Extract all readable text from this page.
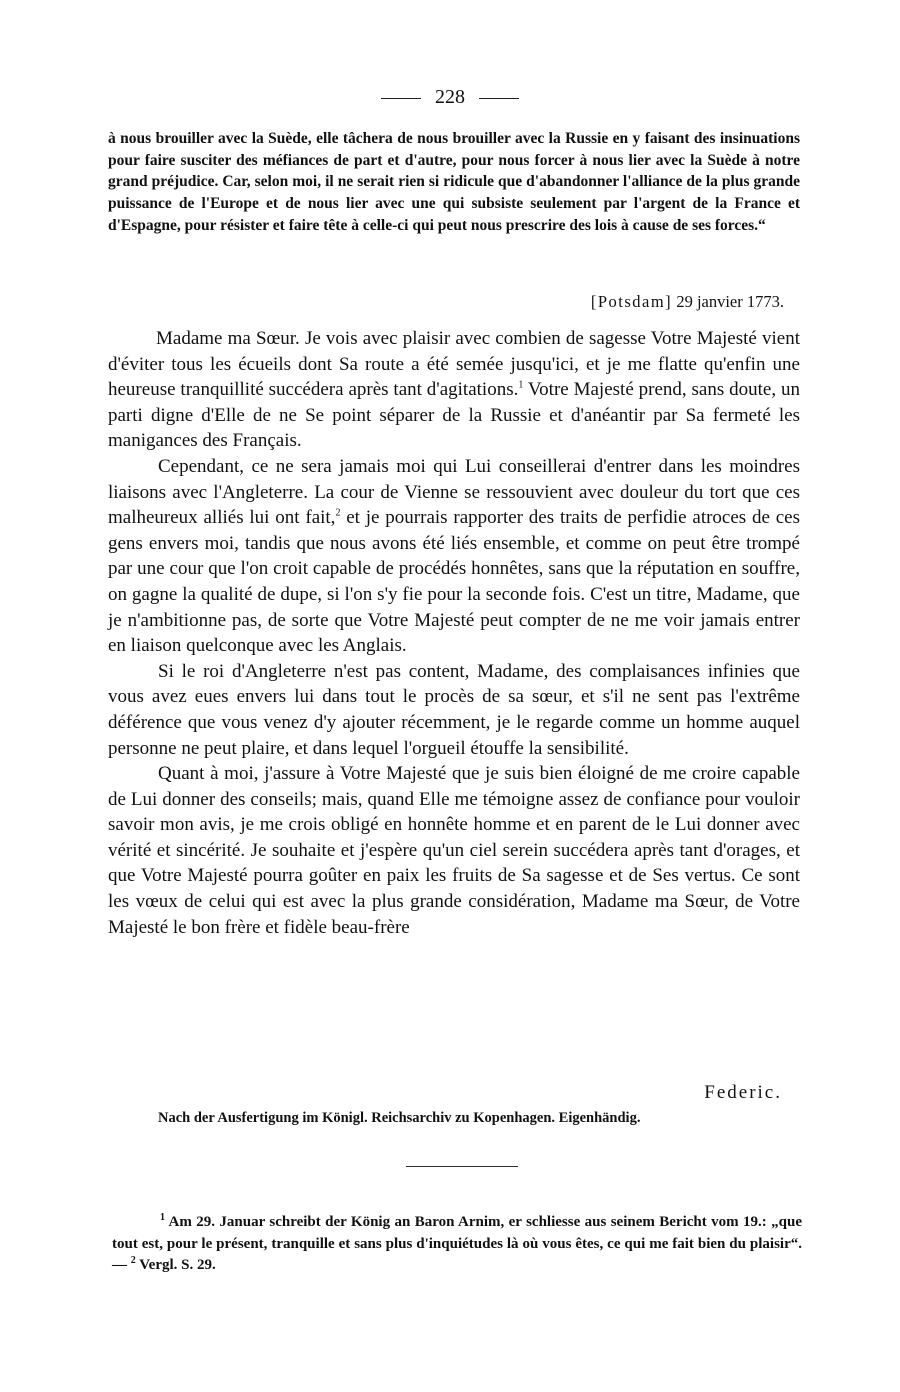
228

à nous brouiller avec la Suède, elle tâchera de nous brouiller avec la Russie en y faisant des insinuations pour faire susciter des méfiances de part et d'autre, pour nous forcer à nous lier avec la Suède à notre grand préjudice. Car, selon moi, il ne serait rien si ridicule que d'abandonner l'alliance de la plus grande puissance de l'Europe et de nous lier avec une qui subsiste seulement par l'argent de la France et d'Espagne, pour résister et faire tête à celle-ci qui peut nous prescrire des lois à cause de ses forces.“

[Potsdam] 29 janvier 1773.

Madame ma Sœur. Je vois avec plaisir avec combien de sagesse Votre Majesté vient d'éviter tous les écueils dont Sa route a été semée jusqu'ici, et je me flatte qu'enfin une heureuse tranquillité succédera après tant d'agitations.$^1$ Votre Majesté prend, sans doute, un parti digne d'Elle de ne Se point séparer de la Russie et d'anéantir par Sa fermeté les manigances des Français.

Cependant, ce ne sera jamais moi qui Lui conseillerai d'entrer dans les moindres liaisons avec l'Angleterre. La cour de Vienne se ressouvient avec douleur du tort que ces malheureux alliés lui ont fait,$^2$ et je pourrais rapporter des traits de perfidie atroces de ces gens envers moi, tandis que nous avons été liés ensemble, et comme on peut être trompé par une cour que l'on croit capable de procédés honnêtes, sans que la réputation en souffre, on gagne la qualité de dupe, si l'on s'y fie pour la seconde fois. C'est un titre, Madame, que je n'ambitionne pas, de sorte que Votre Majesté peut compter de ne me voir jamais entrer en liaison quelconque avec les Anglais.

Si le roi d'Angleterre n'est pas content, Madame, des complaisances infinies que vous avez eues envers lui dans tout le procès de sa sœur, et s'il ne sent pas l'extrême déférence que vous venez d'y ajouter récemment, je le regarde comme un homme auquel personne ne peut plaire, et dans lequel l'orgueil étouffe la sensibilité.

Quant à moi, j'assure à Votre Majesté que je suis bien éloigné de me croire capable de Lui donner des conseils; mais, quand Elle me témoigne assez de confiance pour vouloir savoir mon avis, je me crois obligé en honnête homme et en parent de le Lui donner avec vérité et sincérité. Je souhaite et j'espère qu'un ciel serein succédera après tant d'orages, et que Votre Majesté pourra goûter en paix les fruits de Sa sagesse et de Ses vertus. Ce sont les vœux de celui qui est avec la plus grande considération, Madame ma Sœur, de Votre Majesté le bon frère et fidèle beau-frère

Federic.
Nach der Ausfertigung im Königl. Reichsarchiv zu Kopenhagen. Eigenhändig.

$^1$ Am 29. Januar schreibt der König an Baron Arnim, er schliesse aus seinem Bericht vom 19.: „que tout est, pour le présent, tranquille et sans plus d'inquiétudes là où vous êtes, ce qui me fait bien du plaisir“. — $^2$ Vergl. S. 29.
